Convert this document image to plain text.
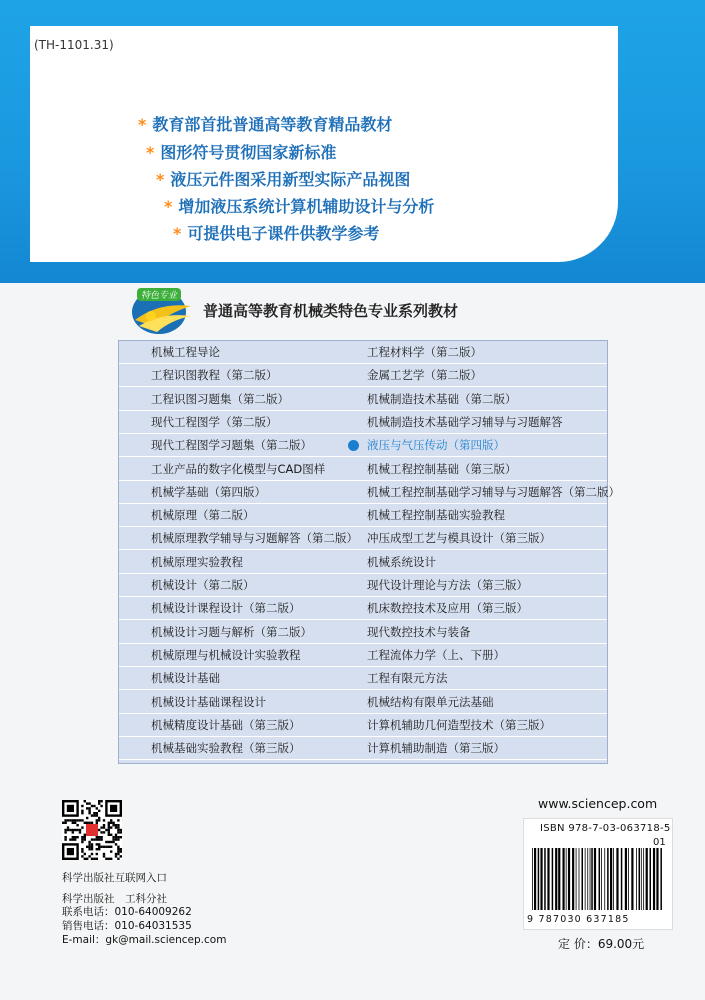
(TH-1101.31)
* 教育部首批普通高等教育精品教材
* 图形符号贯彻国家新标准
* 液压元件图采用新型实际产品视图
* 增加液压系统计算机辅助设计与分析
* 可提供电子课件供教学参考
特色专业
普通高等教育机械类特色专业系列教材
机械工程导论	工程材料学（第二版）
工程识图教程（第二版）	金属工艺学（第二版）
工程识图习题集（第二版）	机械制造技术基础（第二版）
现代工程图学（第二版）	机械制造技术基础学习辅导与习题解答
现代工程图学习题集（第二版）	液压与气压传动（第四版）
工业产品的数字化模型与CAD图样	机械工程控制基础（第三版）
机械学基础（第四版）	机械工程控制基础学习辅导与习题解答（第二版）
机械原理（第二版）	机械工程控制基础实验教程
机械原理教学辅导与习题解答（第二版） 冲压成型工艺与模具设计（第三版）
机械原理实验教程	机械系统设计
机械设计（第二版）	现代设计理论与方法（第三版）
机械设计课程设计（第二版）	机床数控技术及应用（第三版）
机械设计习题与解析（第二版）	现代数控技术与装备
机械原理与机械设计实验教程	工程流体力学（上、下册）
机械设计基础	工程有限元方法
机械设计基础课程设计	机械结构有限单元法基础
机械精度设计基础（第三版）	计算机辅助几何造型技术（第三版）
机械基础实验教程（第三版）	计算机辅助制造（第三版）
科学出版社互联网入口
科学出版社　工科分社
联系电话：010-64009262
销售电话：010-64031535
E-mail：gk@mail.sciencep.com
www.sciencep.com
ISBN 978-7-03-063718-5
01
9 787030 637185
定 价：69.00元
